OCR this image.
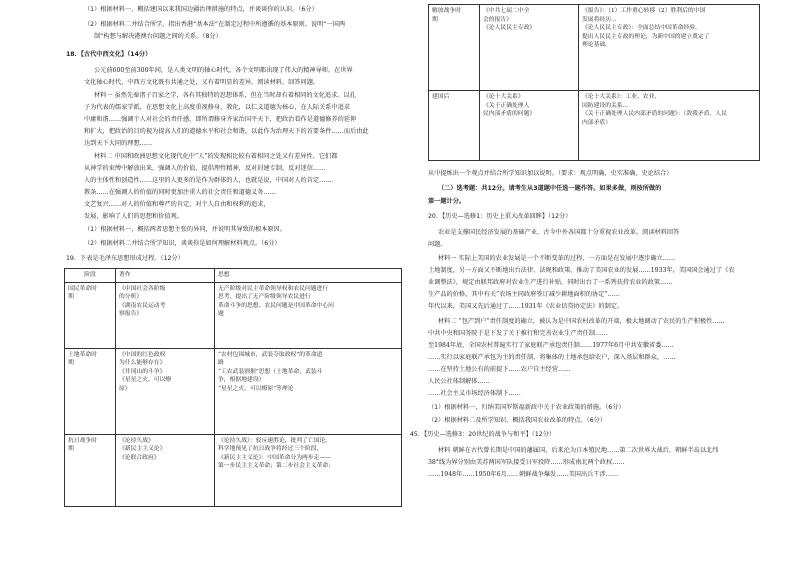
（1）根据材料一，概括建国以来我国边疆治理措施的特点，并谈谈你的认识。（6分）
（2）根据材料二并结合所学，指出香港“基本法”在制定过程中所遵循的基本原则。说明“一国两
制”构想与解决港澳台问题之间的关系。（8分）
18．【古代中西文化】（14分）
公元前600至前300年间，是人类文明的轴心时代。各个文明都出现了伟大的精神导师。在世界
文化轴心时代，中西方文化既有共通之处，又有着明显的差异。阅读材料，回答问题。
材料一 虽然先秦诸子百家之学，各有其独特的思想体系，但在当时却有着相同的文化追求。以孔
子为代表的儒家学派，在思想文化上高度重视修身、教化，以仁义道德为核心，在人际关系中追求
中庸和谐……强调个人对社会的责任感，即所谓修身齐家治国平天下，把政治看作是道德修养的延伸
和扩大，把政治的目的视为提高人们的道德水平和社会和谐，以此作为治理天下的首要条件……而后由此
达到天下大同的理想……
材料二 中国和欧洲思想文化现代化中“人”的发现相比较有着相同之处又有差异性。它们都
从神学的束缚中解放出来，强调人的价值，提倡理性精神，反对封建专制，反对迷信……
人的主体性和创造性……这里的人更多的是作为群体的人，也就是说，中国对人的肯定……
教条……在强调人的价值的同时更加注重人的社会责任和道德义务……
文艺复兴……对人的价值和尊严的肯定，对个人自由和权利的追求，
发展，影响了人们的思想和价值观。
（1）根据材料一，概括两者思想主张的异同，并说明其导致的根本原因。
（2）根据材料二并结合所学知识，谈谈你是如何理解材料观点。（6分）
19．下表是毛泽东思想形成过程。（12分）
阶段	著作	思想

国民革命时
期	《中国社会各阶级
的分析》
《湖南农民运动考
察报告》	无产阶级对民主革命领导权和农民问题进行
思考，提出了无产阶级领导农民进行
革命斗争的思想。农民问题是中国革命中心问
题

土地革命时
期	《中国的红色政权
为什么能够存在》
《井冈山的斗争》
《星星之火，可以燎
原》	“农村包围城市，武装夺取政权”的革命道
路
“工农武装割据”思想（土地革命，武装斗
争，根据地建设）
“星星之火，可以燎原”等理论

抗日战争时
期	《论持久战》
《新民主主义论》
《论联合政府》	《论持久战》：驳斥速胜论，批判了亡国论，
科学地预见了抗日战争将经过三个阶段，
《新民主主义论》：中国革命分为两步走——
第一步民主主义革命；第二步社会主义革命；
解放战争时
期	《中共七届二中全
会的报告》
《论人民民主专政》	《报告》：（1）工作重心转移（2）胜利后的中国
发展将经历…
《论人民民主专政》：全面总结中国革命经验，
提出人民民主专政的理论，为新中国的建立奠定了
理论基础。

建国后	《论十大关系》
《关于正确处理人
民内部矛盾的问题》	《论十大关系》：工业、农业、
国防建设的关系…
《关于正确处理人民内部矛盾的问题》：（敌我矛盾、人民
内部矛盾）
从中提炼出一个观点并结合所学知识加以说明。（要求：观点明确，史实准确，史论结合）
（二）选考题：共12分。请考生从3道题中任选一题作答。如果多做，则按所做的
第一题计分。
20．【历史—选修1：历史上重大改革回眸】（12分）
农业是支撑国民经济发展的基础产业，古今中外各国都十分重视农业改革。阅读材料回答
问题。
材料一 实际上美国的农业发展是一个不断变革的过程，一方面是在发展中逐步确立……
土地制度，另一方面又不断地出台法律、法规和政策，推动了美国农业的发展……1933年，美国国会通过了《农
业调整法》，规定由联邦政府对农业生产进行补贴，同时出台了一系列扶持农业的政策……
生产品的价格，其中有关“农场主同政府签订减少耕地面积的协定”……
年代以来，美国又先后通过了……1931年《农业信贷协定法》的制定。
材料二 “包产到户”责任制度的确立，被认为是中国农村改革的开端，极大地调动了农民的生产积极性……
中共中央和国务院于是下发了关于推行和完善农业生产责任制……
至1984年底，全国农村普遍实行了家庭联产承包责任制……1977年6月中共安徽省委……
……实行以家庭联产承包为主的责任制，将集体的土地承包给农户，深入基层和群众，……
……在坚持土地公有的前提下……农户自主经营……
人民公社体制解体……
……社会主义市场经济体制下……
（1）根据材料一，归纳美国罗斯福新政中关于农业政策的措施。（6分）
（2）根据材料二及所学知识，概括我国农业改革的特点。（6分）
45．【历史—选修3：20世纪的战争与和平】（12分）
材料 朝鲜在古代曾长期是中国的藩属国，后来沦为日本殖民地……第二次世界大战后，朝鲜半岛以北纬
38°线为界分别由美苏两国军队接受日军投降……形成南北两个政权……
……1948年……1950年6月……朝鲜战争爆发……美国出兵干涉……
